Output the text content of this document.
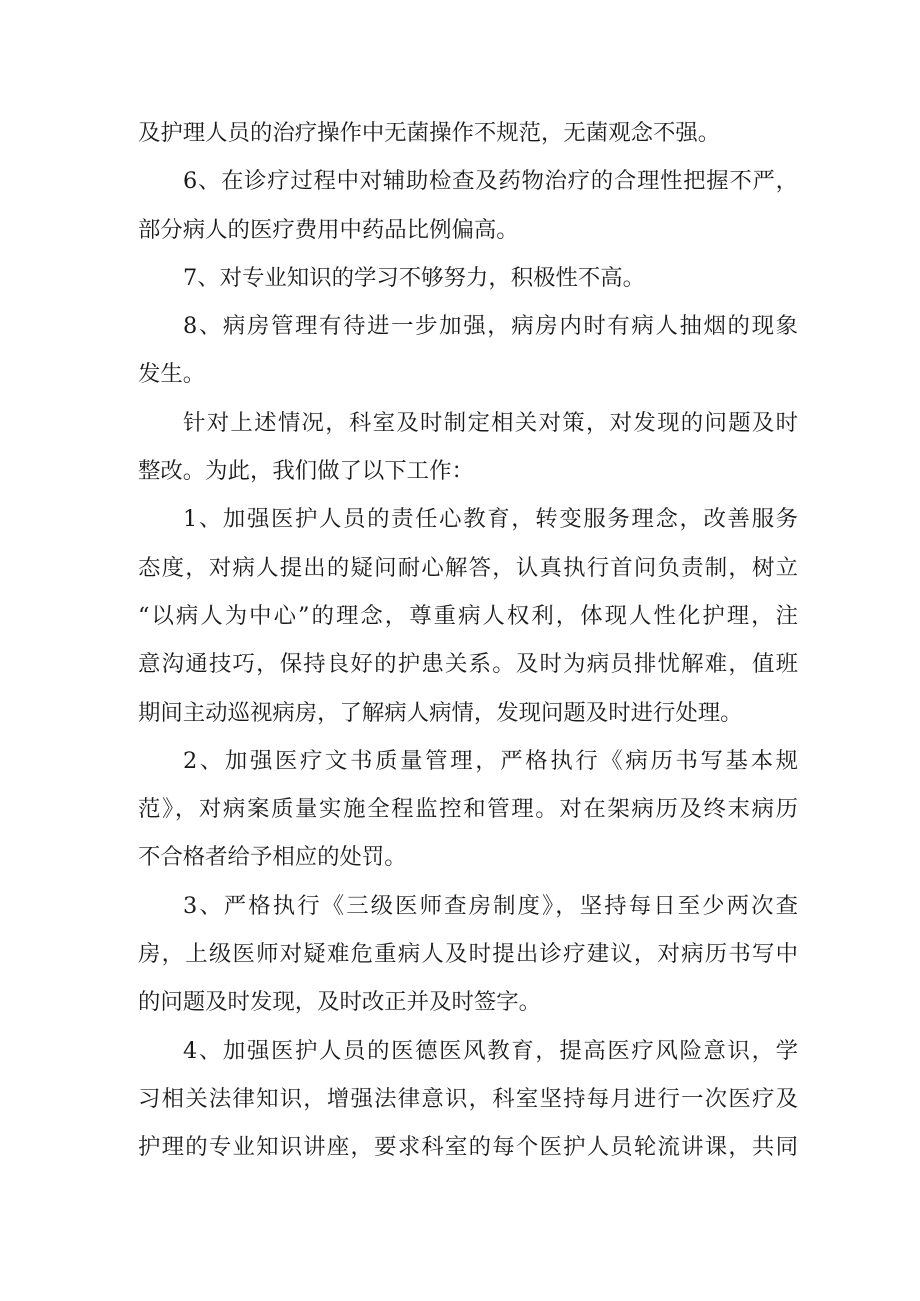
及护理人员的治疗操作中无菌操作不规范，无菌观念不强。

6、在诊疗过程中对辅助检查及药物治疗的合理性把握不严，
部分病人的医疗费用中药品比例偏高。

7、对专业知识的学习不够努力，积极性不高。

8、病房管理有待进一步加强，病房内时有病人抽烟的现象
发生。

针对上述情况，科室及时制定相关对策，对发现的问题及时
整改。为此，我们做了以下工作：

1、加强医护人员的责任心教育，转变服务理念，改善服务
态度，对病人提出的疑问耐心解答，认真执行首问负责制，树立
“以病人为中心”的理念，尊重病人权利，体现人性化护理，注
意沟通技巧，保持良好的护患关系。及时为病员排忧解难，值班
期间主动巡视病房，了解病人病情，发现问题及时进行处理。

2、加强医疗文书质量管理，严格执行《病历书写基本规
范》，对病案质量实施全程监控和管理。对在架病历及终末病历
不合格者给予相应的处罚。

3、严格执行《三级医师查房制度》，坚持每日至少两次查
房，上级医师对疑难危重病人及时提出诊疗建议，对病历书写中
的问题及时发现，及时改正并及时签字。

4、加强医护人员的医德医风教育，提高医疗风险意识，学
习相关法律知识，增强法律意识，科室坚持每月进行一次医疗及
护理的专业知识讲座，要求科室的每个医护人员轮流讲课，共同
